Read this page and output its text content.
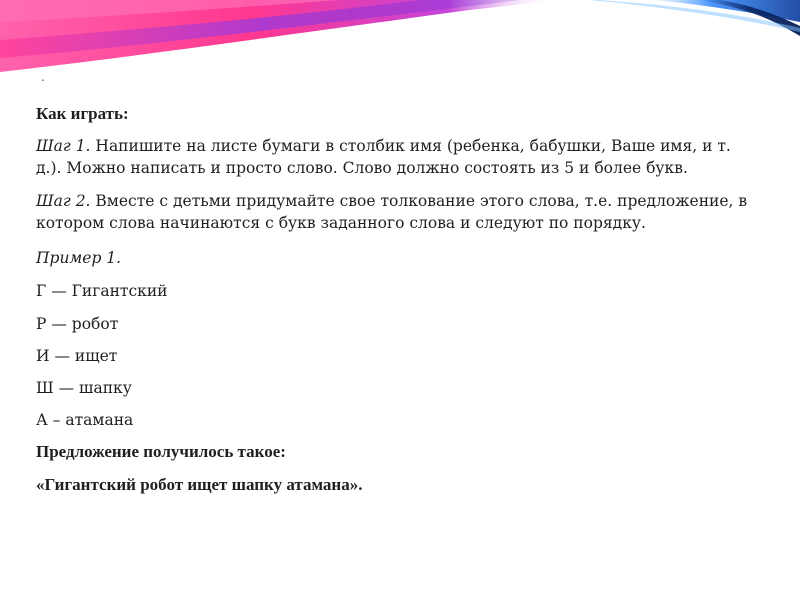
.
Как играть:
Шаг 1. Напишите на листе бумаги в столбик имя (ребенка, бабушки, Ваше имя, и т.
д.). Можно написать и просто слово. Слово должно состоять из 5 и более букв.
Шаг 2. Вместе с детьми придумайте свое толкование этого слова, т.е. предложение, в
котором слова начинаются с букв заданного слова и следуют по порядку.
Пример 1.
Г — Гигантский
Р — робот
И — ищет
Ш — шапку
А – атамана
Предложение получилось такое:
«Гигантский робот ищет шапку атамана».
